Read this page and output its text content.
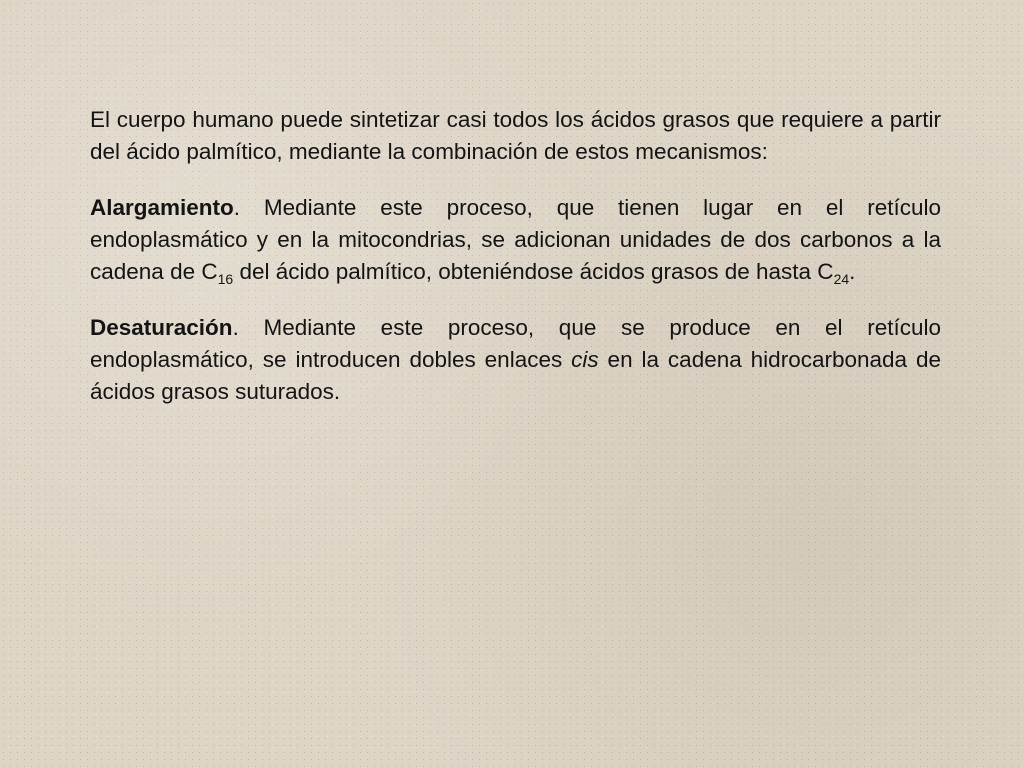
El cuerpo humano puede sintetizar casi todos los ácidos grasos que requiere a partir del ácido palmítico, mediante la combinación de estos mecanismos:

Alargamiento. Mediante este proceso, que tienen lugar en el retículo endoplasmático y en la mitocondrias, se adicionan unidades de dos carbonos a la cadena de $C_{16}$ del ácido palmítico, obteniéndose ácidos grasos de hasta $C_{24}$.

Desaturación. Mediante este proceso, que se produce en el retículo endoplasmático, se introducen dobles enlaces cis en la cadena hidrocarbonada de ácidos grasos suturados.
